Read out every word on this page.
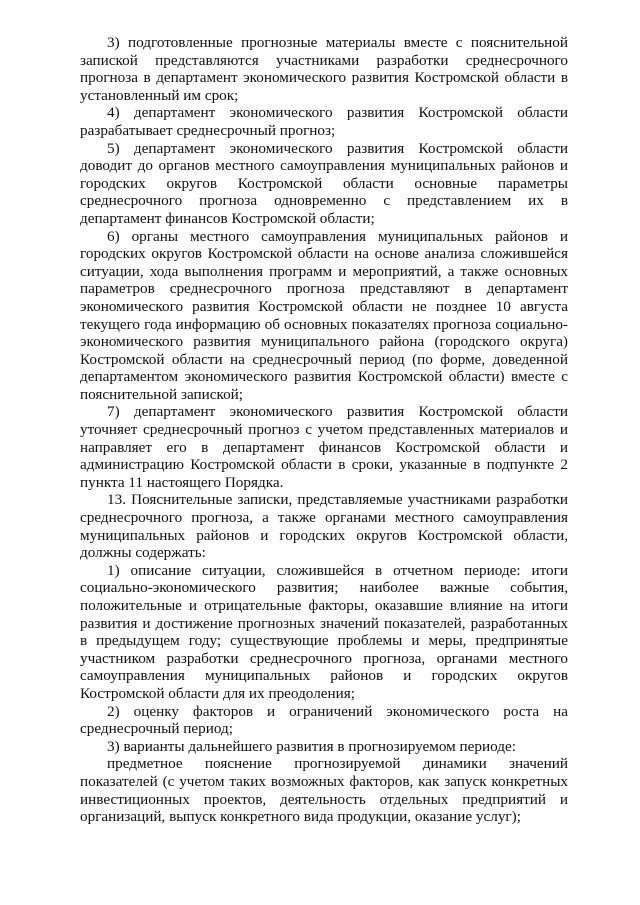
3) подготовленные прогнозные материалы вместе с пояснительной запиской представляются участниками разработки среднесрочного прогноза в департамент экономического развития Костромской области в установленный им срок;

4) департамент экономического развития Костромской области разрабатывает среднесрочный прогноз;

5) департамент экономического развития Костромской области доводит до органов местного самоуправления муниципальных районов и городских округов Костромской области основные параметры среднесрочного прогноза одновременно с представлением их в департамент финансов Костромской области;

6) органы местного самоуправления муниципальных районов и городских округов Костромской области на основе анализа сложившейся ситуации, хода выполнения программ и мероприятий, а также основных параметров среднесрочного прогноза представляют в департамент экономического развития Костромской области не позднее 10 августа текущего года информацию об основных показателях прогноза социально-экономического развития муниципального района (городского округа) Костромской области на среднесрочный период (по форме, доведенной департаментом экономического развития Костромской области) вместе с пояснительной запиской;

7) департамент экономического развития Костромской области уточняет среднесрочный прогноз с учетом представленных материалов и направляет его в департамент финансов Костромской области и администрацию Костромской области в сроки, указанные в подпункте 2 пункта 11 настоящего Порядка.

13. Пояснительные записки, представляемые участниками разработки среднесрочного прогноза, а также органами местного самоуправления муниципальных районов и городских округов Костромской области, должны содержать:

1) описание ситуации, сложившейся в отчетном периоде: итоги социально-экономического развития; наиболее важные события, положительные и отрицательные факторы, оказавшие влияние на итоги развития и достижение прогнозных значений показателей, разработанных в предыдущем году; существующие проблемы и меры, предпринятые участником разработки среднесрочного прогноза, органами местного самоуправления муниципальных районов и городских округов Костромской области для их преодоления;

2) оценку факторов и ограничений экономического роста на среднесрочный период;

3) варианты дальнейшего развития в прогнозируемом периоде:

предметное пояснение прогнозируемой динамики значений показателей (с учетом таких возможных факторов, как запуск конкретных инвестиционных проектов, деятельность отдельных предприятий и организаций, выпуск конкретного вида продукции, оказание услуг);
